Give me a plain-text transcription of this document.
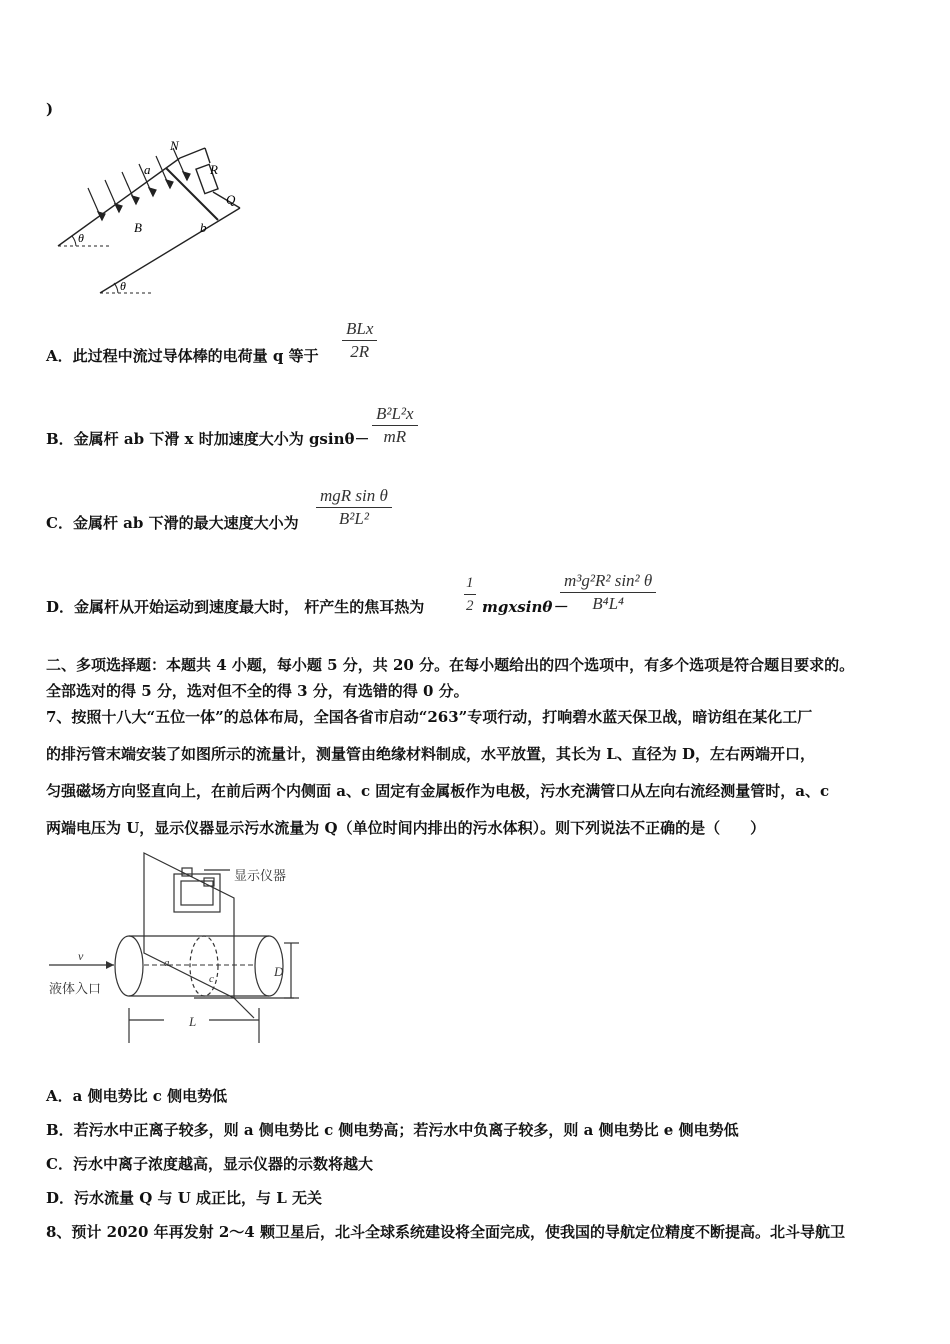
)
N
R
a
Q
B	b
θ
θ
A．此过程中流过导体棒的电荷量 q 等于
BLx
2R
B．金属杆 ab 下滑 x 时加速度大小为 $gsin\theta- \frac{\text{B²L²x}}{mR}$
C．金属杆 ab 下滑的最大速度大小为
mgR sin θ
B²L²
D．金属杆从开始运动到速度最大时， 杆产生的焦耳热为	$\frac{1}{2} mgxsin\theta-$
$\frac{\text{m³g²R² sin² θ}}{\text{B⁴L⁴}}$
二、多项选择题：本题共 4 小题，每小题 5 分，共 20 分。在每小题给出的四个选项中，有多个选项是符合题目要求的。
全部选对的得 5 分，选对但不全的得 3 分，有选错的得 0 分。
7、按照十八大“五位一体”的总体布局，全国各省市启动“263”专项行动，打响碧水蓝天保卫战，暗访组在某化工厂
的排污管末端安装了如图所示的流量计，测量管由绝缘材料制成，水平放置，其长为 L、直径为 D，左右两端开口，
匀强磁场方向竖直向上，在前后两个内侧面 a、c 固定有金属板作为电极，污水充满管口从左向右流经测量管时，a、c
两端电压为 U，显示仪器显示污水流量为 Q（单位时间内排出的污水体积）。则下列说法不正确的是（　　）
显示仪器
液体入口
v	a
c	D
L
A．a 侧电势比 c 侧电势低
B．若污水中正离子较多，则 a 侧电势比 c 侧电势高；若污水中负离子较多，则 a 侧电势比 e 侧电势低
C．污水中离子浓度越高，显示仪器的示数将越大
D．污水流量 Q 与 U 成正比，与 L 无关
8、预计 2020 年再发射 2～4 颗卫星后，北斗全球系统建设将全面完成，使我国的导航定位精度不断提高。北斗导航卫
